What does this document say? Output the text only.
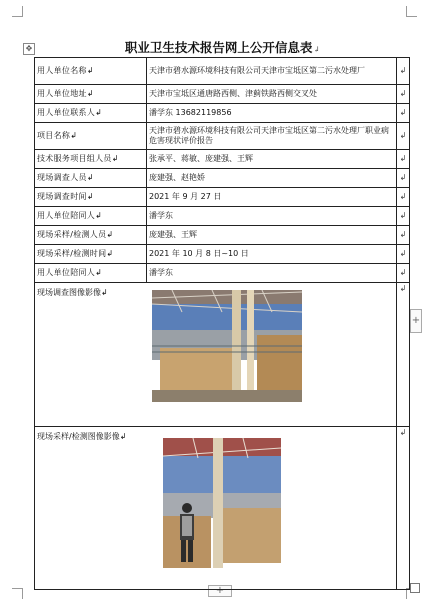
✥
+
+
职业卫生技术报告网上公开信息表↲
用人单位名称↲	天津市碧水源环境科技有限公司天津市宝坻区第二污水处理厂	↲
用人单位地址↲	天津市宝坻区通唐路西侧、津蓟铁路西侧交叉处	↲
用人单位联系人↲	潘学东 13682119856	↲
项目名称↲	天津市碧水源环境科技有限公司天津市宝坻区第二污水处理厂职业病危害现状评价报告	↲
技术服务项目组人员↲	张承平、蒋敏、庞建强、王辉	↲
现场调查人员↲	庞建强、赵艳娇	↲
现场调查时间↲	2021 年 9 月 27 日	↲
用人单位陪同人↲	潘学东	↲
现场采样/检测人员↲	庞建强、王辉	↲
现场采样/检测时间↲	2021 年 10 月 8 日~10 日	↲
用人单位陪同人↲	潘学东	↲

现场调查图像影像↲		↲

现场采样/检测图像影像↲		↲
